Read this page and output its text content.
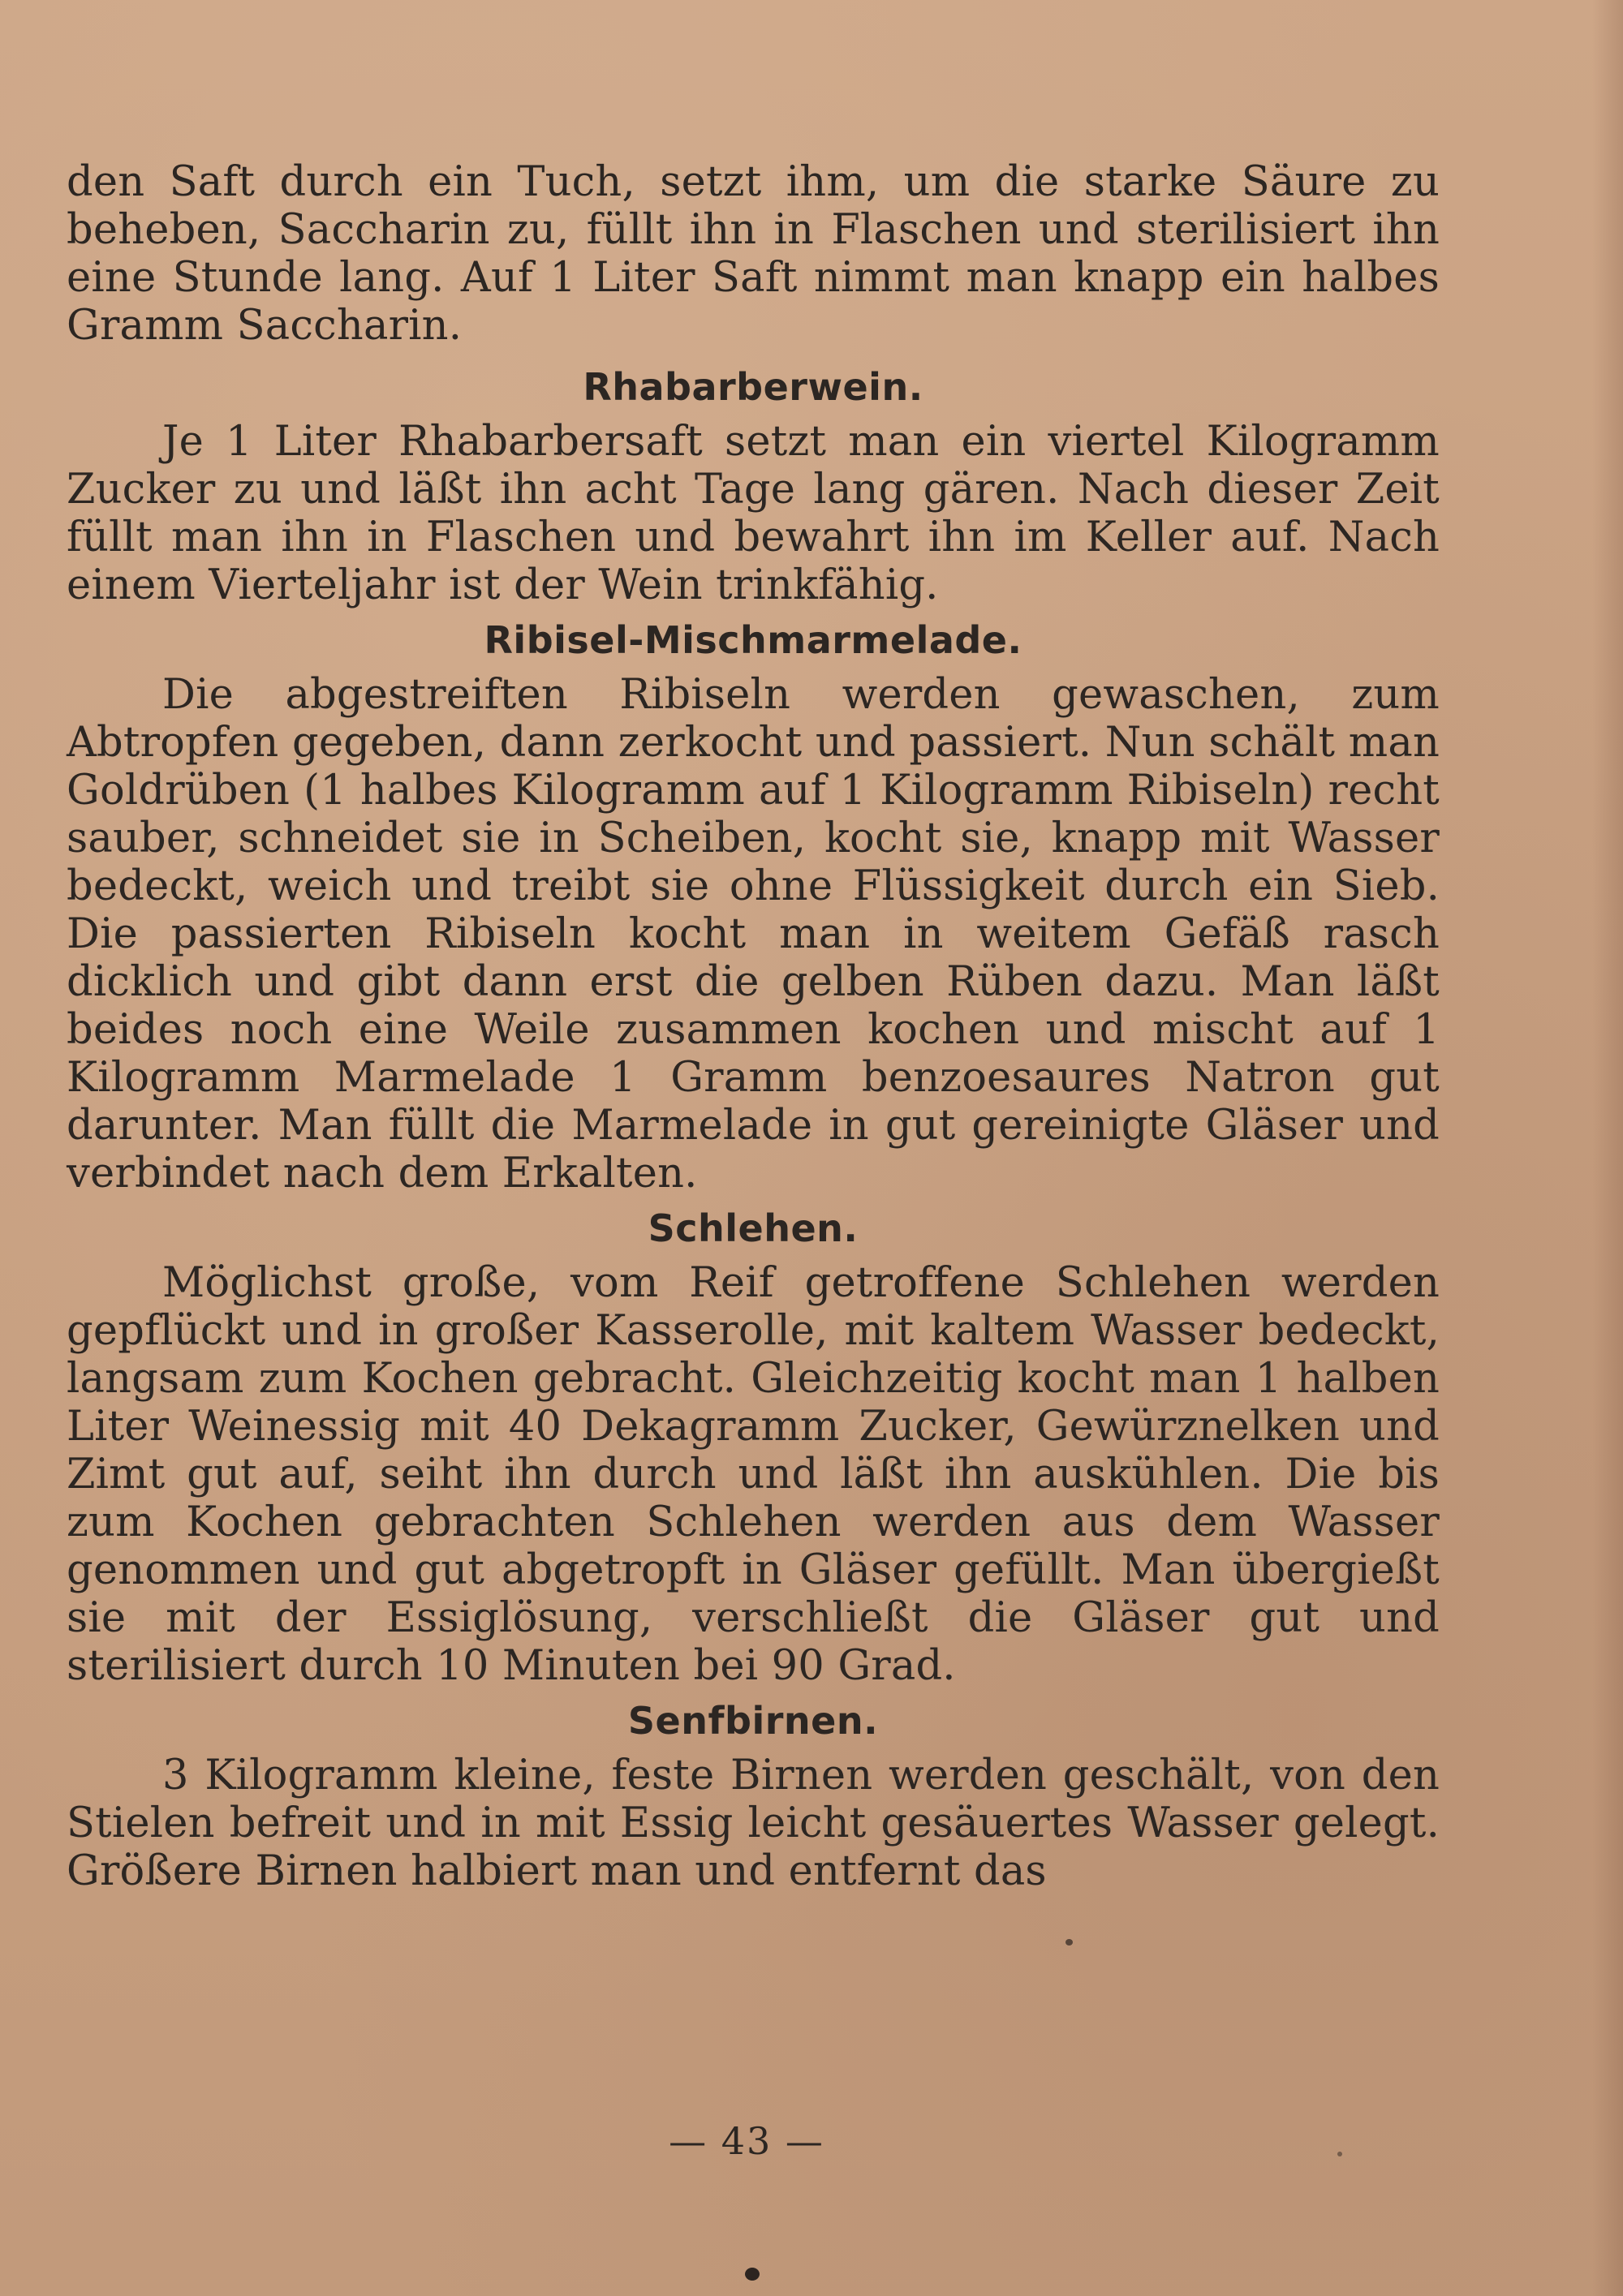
den Saft durch ein Tuch, setzt ihm, um die starke Säure zu beheben, Saccharin zu, füllt ihn in Flaschen und sterilisiert ihn eine Stunde lang. Auf 1 Liter Saft nimmt man knapp ein halbes Gramm Saccharin.

Rhabarberwein.

Je 1 Liter Rhabarbersaft setzt man ein viertel Kilogramm Zucker zu und läßt ihn acht Tage lang gären. Nach dieser Zeit füllt man ihn in Flaschen und bewahrt ihn im Keller auf. Nach einem Vierteljahr ist der Wein trinkfähig.

Ribisel-Mischmarmelade.

Die abgestreiften Ribiseln werden gewaschen, zum Abtropfen gegeben, dann zerkocht und passiert. Nun schält man Goldrüben (1 halbes Kilogramm auf 1 Kilogramm Ribiseln) recht sauber, schneidet sie in Scheiben, kocht sie, knapp mit Wasser bedeckt, weich und treibt sie ohne Flüssigkeit durch ein Sieb. Die passierten Ribiseln kocht man in weitem Gefäß rasch dicklich und gibt dann erst die gelben Rüben dazu. Man läßt beides noch eine Weile zusammen kochen und mischt auf 1 Kilogramm Marmelade 1 Gramm benzoesaures Natron gut darunter. Man füllt die Marmelade in gut gereinigte Gläser und verbindet nach dem Erkalten.

Schlehen.

Möglichst große, vom Reif getroffene Schlehen werden gepflückt und in großer Kasserolle, mit kaltem Wasser bedeckt, langsam zum Kochen gebracht. Gleichzeitig kocht man 1 halben Liter Weinessig mit 40 Dekagramm Zucker, Gewürznelken und Zimt gut auf, seiht ihn durch und läßt ihn auskühlen. Die bis zum Kochen gebrachten Schlehen werden aus dem Wasser genommen und gut abgetropft in Gläser gefüllt. Man übergießt sie mit der Essiglösung, verschließt die Gläser gut und sterilisiert durch 10 Minuten bei 90 Grad.

Senfbirnen.

3 Kilogramm kleine, feste Birnen werden geschält, von den Stielen befreit und in mit Essig leicht gesäuertes Wasser gelegt. Größere Birnen halbiert man und entfernt das

— 43 —
